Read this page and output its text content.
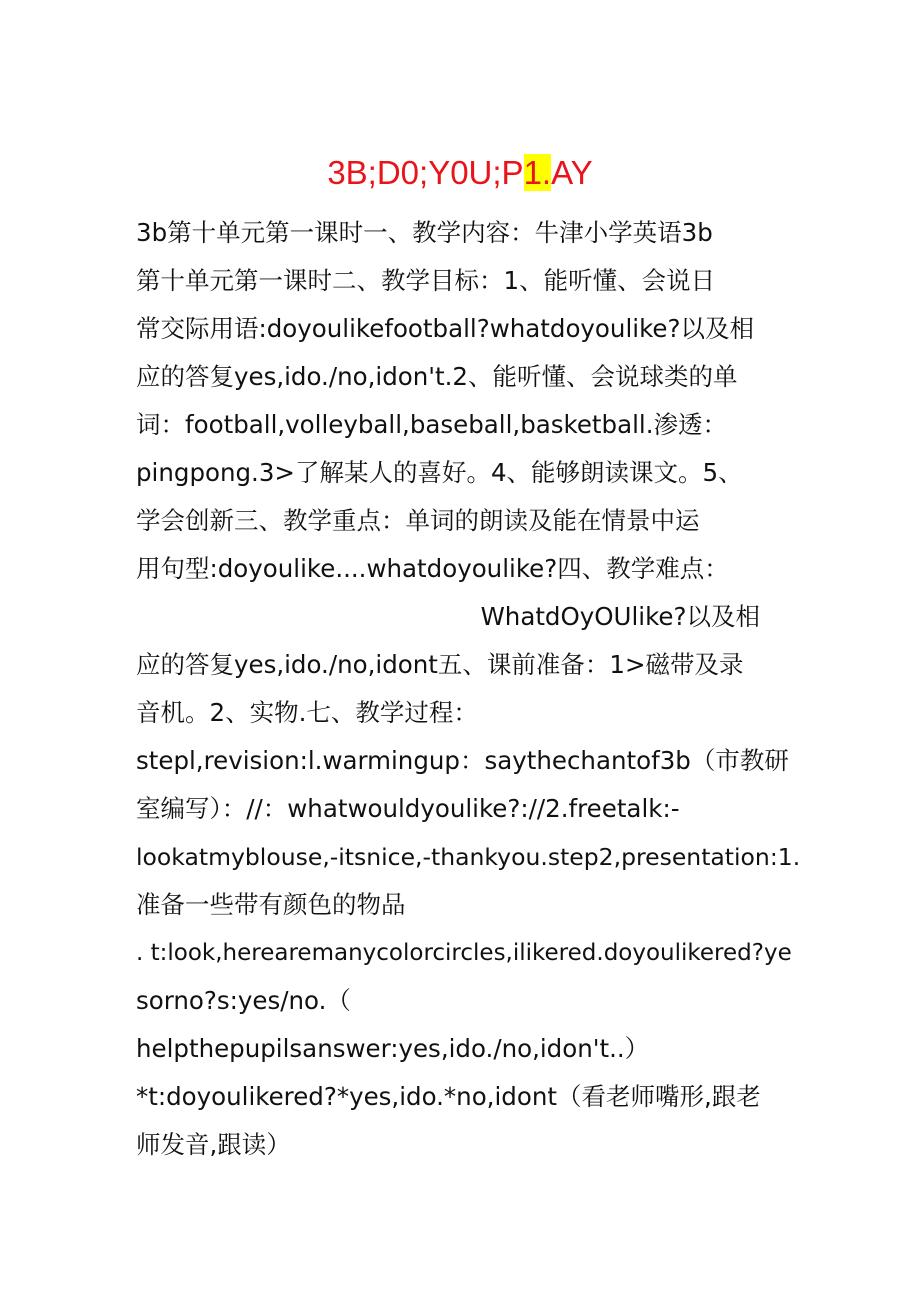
3B;D0;Y0U;P1.AY
3b第十单元第一课时一、教学内容：牛津小学英语3b
第十单元第一课时二、教学目标：1、能听懂、会说日
常交际用语:doyoulikefootball?whatdoyoulike?以及相
应的答复yes,ido./no,idon't.2、能听懂、会说球类的单
词：football,volleyball,baseball,basketball.渗透：
pingpong.3>了解某人的喜好。4、能够朗读课文。5、
学会创新三、教学重点：单词的朗读及能在情景中运
用句型:doyoulike....whatdoyoulike?四、教学难点：
WhatdOyOUlike?以及相
应的答复yes,ido./no,idont五、课前准备：1>磁带及录
音机。2、实物.七、教学过程：
stepl,revision:l.warmingup：saythechantof3b（市教研
室编写）：//：whatwouldyoulike?://2.freetalk:-
lookatmyblouse,-itsnice,-thankyou.step2,presentation:1.
准备一些带有颜色的物品
. t:look,herearemanycolorcircles,ilikered.doyoulikered?ye
sorno?s:yes/no.（
helpthepupilsanswer:yes,ido./no,idon't..）
*t:doyoulikered?*yes,ido.*no,idont（看老师嘴形,跟老
师发音,跟读）
